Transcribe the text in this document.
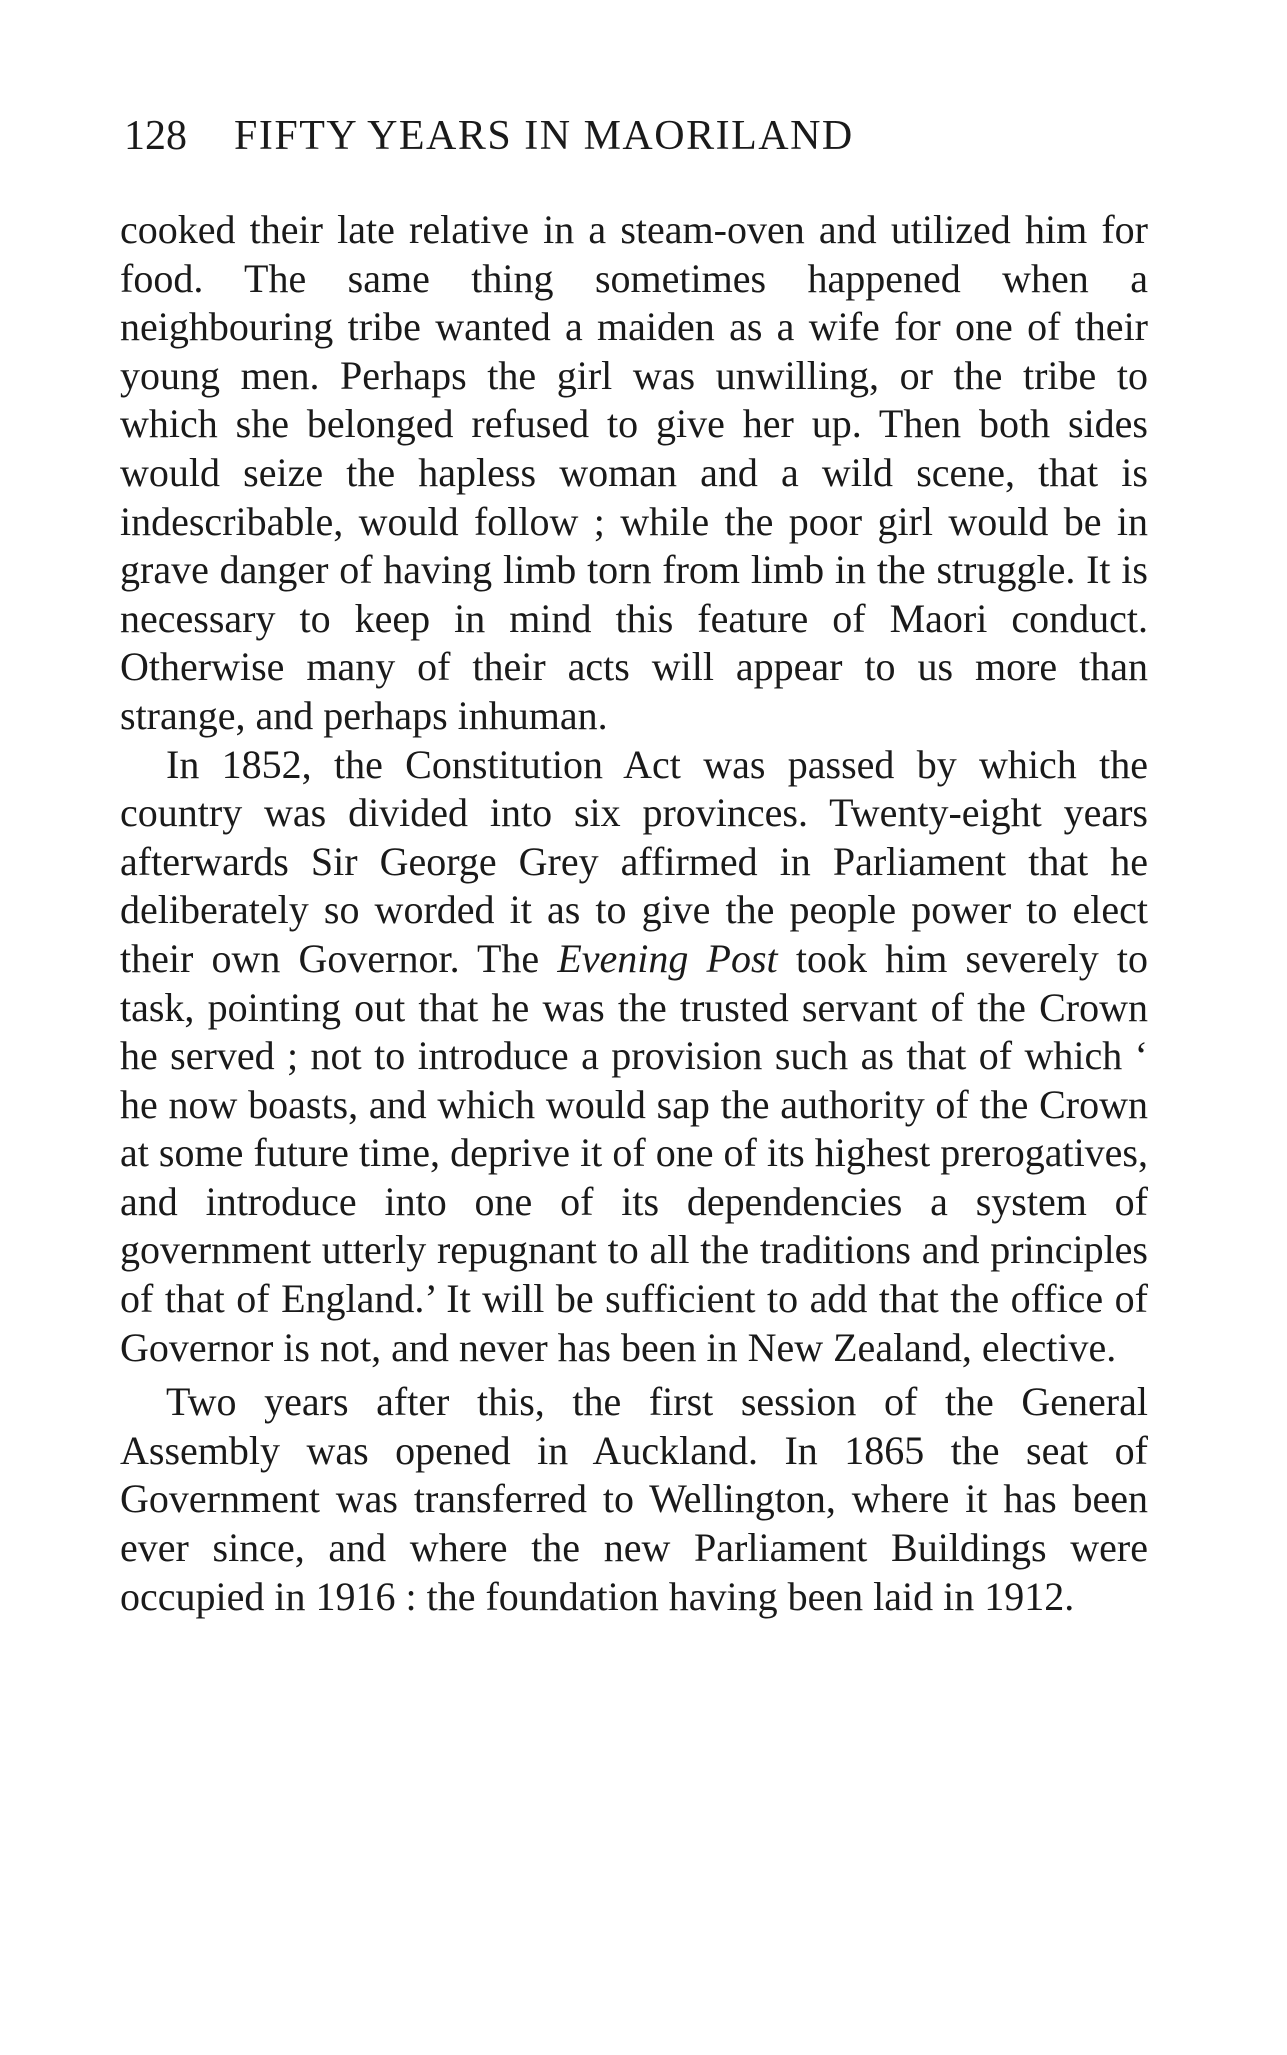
128 FIFTY YEARS IN MAORILAND

cooked their late relative in a steam-oven and utilized him for food. The same thing sometimes happened when a neighbouring tribe wanted a maiden as a wife for one of their young men. Perhaps the girl was unwilling, or the tribe to which she belonged refused to give her up. Then both sides would seize the hapless woman and a wild scene, that is indescribable, would follow ; while the poor girl would be in grave danger of having limb torn from limb in the struggle. It is necessary to keep in mind this feature of Maori conduct. Otherwise many of their acts will appear to us more than strange, and perhaps inhuman.

In 1852, the Constitution Act was passed by which the country was divided into six provinces. Twenty-eight years afterwards Sir George Grey affirmed in Parliament that he deliberately so worded it as to give the people power to elect their own Governor. The Evening Post took him severely to task, pointing out that he was the trusted servant of the Crown he served ; not to introduce a provision such as that of which ‘ he now boasts, and which would sap the authority of the Crown at some future time, deprive it of one of its highest prerogatives, and introduce into one of its dependencies a system of government utterly repugnant to all the traditions and principles of that of England.’ It will be sufficient to add that the office of Governor is not, and never has been in New Zealand, elective.

Two years after this, the first session of the General Assembly was opened in Auckland. In 1865 the seat of Government was transferred to Wellington, where it has been ever since, and where the new Parliament Buildings were occupied in 1916 : the foundation having been laid in 1912.
